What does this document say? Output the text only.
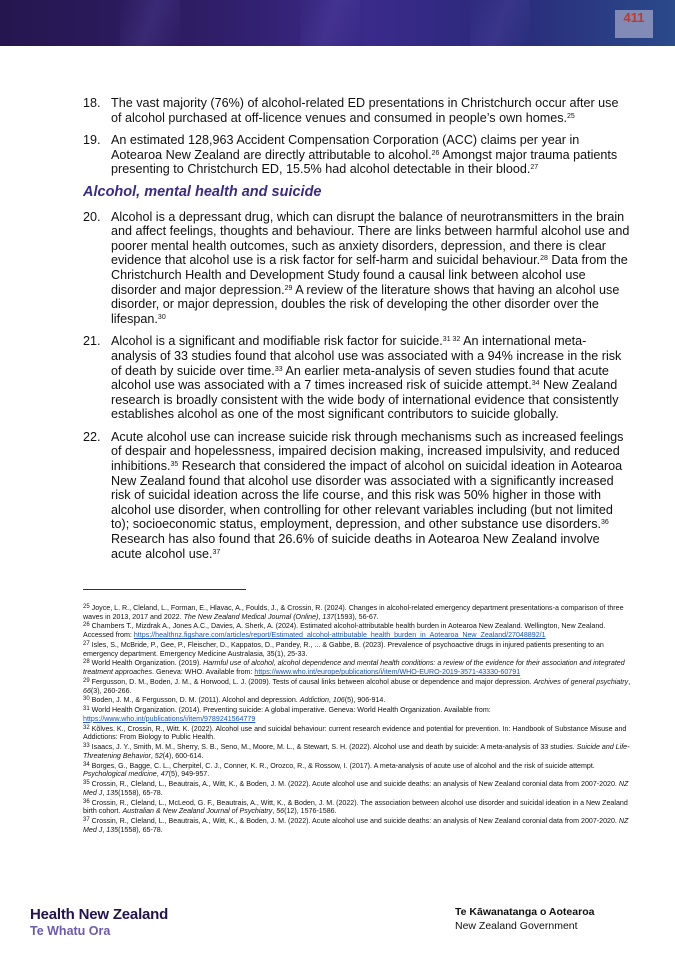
411
18. The vast majority (76%) of alcohol-related ED presentations in Christchurch occur after use of alcohol purchased at off-licence venues and consumed in people’s own homes.$^{25}$
19. An estimated 128,963 Accident Compensation Corporation (ACC) claims per year in Aotearoa New Zealand are directly attributable to alcohol.$^{26}$ Amongst major trauma patients presenting to Christchurch ED, 15.5% had alcohol detectable in their blood.$^{27}$
Alcohol, mental health and suicide
20. Alcohol is a depressant drug, which can disrupt the balance of neurotransmitters in the brain and affect feelings, thoughts and behaviour. There are links between harmful alcohol use and poorer mental health outcomes, such as anxiety disorders, depression, and there is clear evidence that alcohol use is a risk factor for self-harm and suicidal behaviour.$^{28}$ Data from the Christchurch Health and Development Study found a causal link between alcohol use disorder and major depression.$^{29}$ A review of the literature shows that having an alcohol use disorder, or major depression, doubles the risk of developing the other disorder over the lifespan.$^{30}$
21. Alcohol is a significant and modifiable risk factor for suicide.$^{31 32}$ An international meta-analysis of 33 studies found that alcohol use was associated with a 94% increase in the risk of death by suicide over time.$^{33}$ An earlier meta-analysis of seven studies found that acute alcohol use was associated with a 7 times increased risk of suicide attempt.$^{34}$ New Zealand research is broadly consistent with the wide body of international evidence that consistently establishes alcohol as one of the most significant contributors to suicide globally.
22. Acute alcohol use can increase suicide risk through mechanisms such as increased feelings of despair and hopelessness, impaired decision making, increased impulsivity, and reduced inhibitions.$^{35}$ Research that considered the impact of alcohol on suicidal ideation in Aotearoa New Zealand found that alcohol use disorder was associated with a significantly increased risk of suicidal ideation across the life course, and this risk was 50% higher in those with alcohol use disorder, when controlling for other relevant variables including (but not limited to); socioeconomic status, employment, depression, and other substance use disorders.$^{36}$ Research has also found that 26.6% of suicide deaths in Aotearoa New Zealand involve acute alcohol use.$^{37}$
$^{25}$ Joyce, L. R., Cleland, L., Forman, E., Hlavac, A., Foulds, J., & Crossin, R. (2024). Changes in alcohol-related emergency department presentations-a comparison of three waves in 2013, 2017 and 2022. The New Zealand Medical Journal (Online), 137(1593), 56-67.
$^{26}$ Chambers T., Mizdrak A., Jones A.C., Davies, A. Sherk, A. (2024). Estimated alcohol-attributable health burden in Aotearoa New Zealand. Wellington, New Zealand. Accessed from: https://healthnz.figshare.com/articles/report/Estimated_alcohol-attributable_health_burden_in_Aotearoa_New_Zealand/27048892/1
$^{27}$ Isles, S., McBride, P., Gee, P., Fleischer, D., Kappatos, D., Pandey, R., ... & Gabbe, B. (2023). Prevalence of psychoactive drugs in injured patients presenting to an emergency department. Emergency Medicine Australasia, 35(1), 25-33.
$^{28}$ World Health Organization. (2019). Harmful use of alcohol, alcohol dependence and mental health conditions: a review of the evidence for their association and integrated treatment approaches. Geneva: WHO. Available from: https://www.who.int/europe/publications/i/item/WHO-EURO-2019-3571-43330-60791
$^{29}$ Fergusson, D. M., Boden, J. M., & Horwood, L. J. (2009). Tests of causal links between alcohol abuse or dependence and major depression. Archives of general psychiatry, 66(3), 260-266.
$^{30}$ Boden, J. M., & Fergusson, D. M. (2011). Alcohol and depression. Addiction, 106(5), 906-914.
$^{31}$ World Health Organization. (2014). Preventing suicide: A global imperative. Geneva: World Health Organization. Available from: https://www.who.int/publications/i/item/9789241564779
$^{32}$ Kõlves. K., Crossin, R., Witt. K. (2022). Alcohol use and suicidal behaviour: current research evidence and potential for prevention. In: Handbook of Substance Misuse and Addictions: From Biology to Public Health.
$^{33}$ Isaacs, J. Y., Smith, M. M., Sherry, S. B., Seno, M., Moore, M. L., & Stewart, S. H. (2022). Alcohol use and death by suicide: A meta-analysis of 33 studies. Suicide and Life-Threatening Behavior, 52(4), 600-614.
$^{34}$ Borges, G., Bagge, C. L., Cherpitel, C. J., Conner, K. R., Orozco, R., & Rossow, I. (2017). A meta-analysis of acute use of alcohol and the risk of suicide attempt. Psychological medicine, 47(5), 949-957.
$^{35}$ Crossin, R., Cleland, L., Beautrais, A., Witt, K., & Boden, J. M. (2022). Acute alcohol use and suicide deaths: an analysis of New Zealand coronial data from 2007-2020. NZ Med J, 135(1558), 65-78.
$^{36}$ Crossin, R., Cleland, L., McLeod, G. F., Beautrais, A., Witt, K., & Boden, J. M. (2022). The association between alcohol use disorder and suicidal ideation in a New Zealand birth cohort. Australian & New Zealand Journal of Psychiatry, 56(12), 1576-1586.
$^{37}$ Crossin, R., Cleland, L., Beautrais, A., Witt, K., & Boden, J. M. (2022). Acute alcohol use and suicide deaths: an analysis of New Zealand coronial data from 2007-2020. NZ Med J, 135(1558), 65-78.
Health New Zealand
Te Whatu Ora
Te Kāwanatanga o Aotearoa
New Zealand Government
